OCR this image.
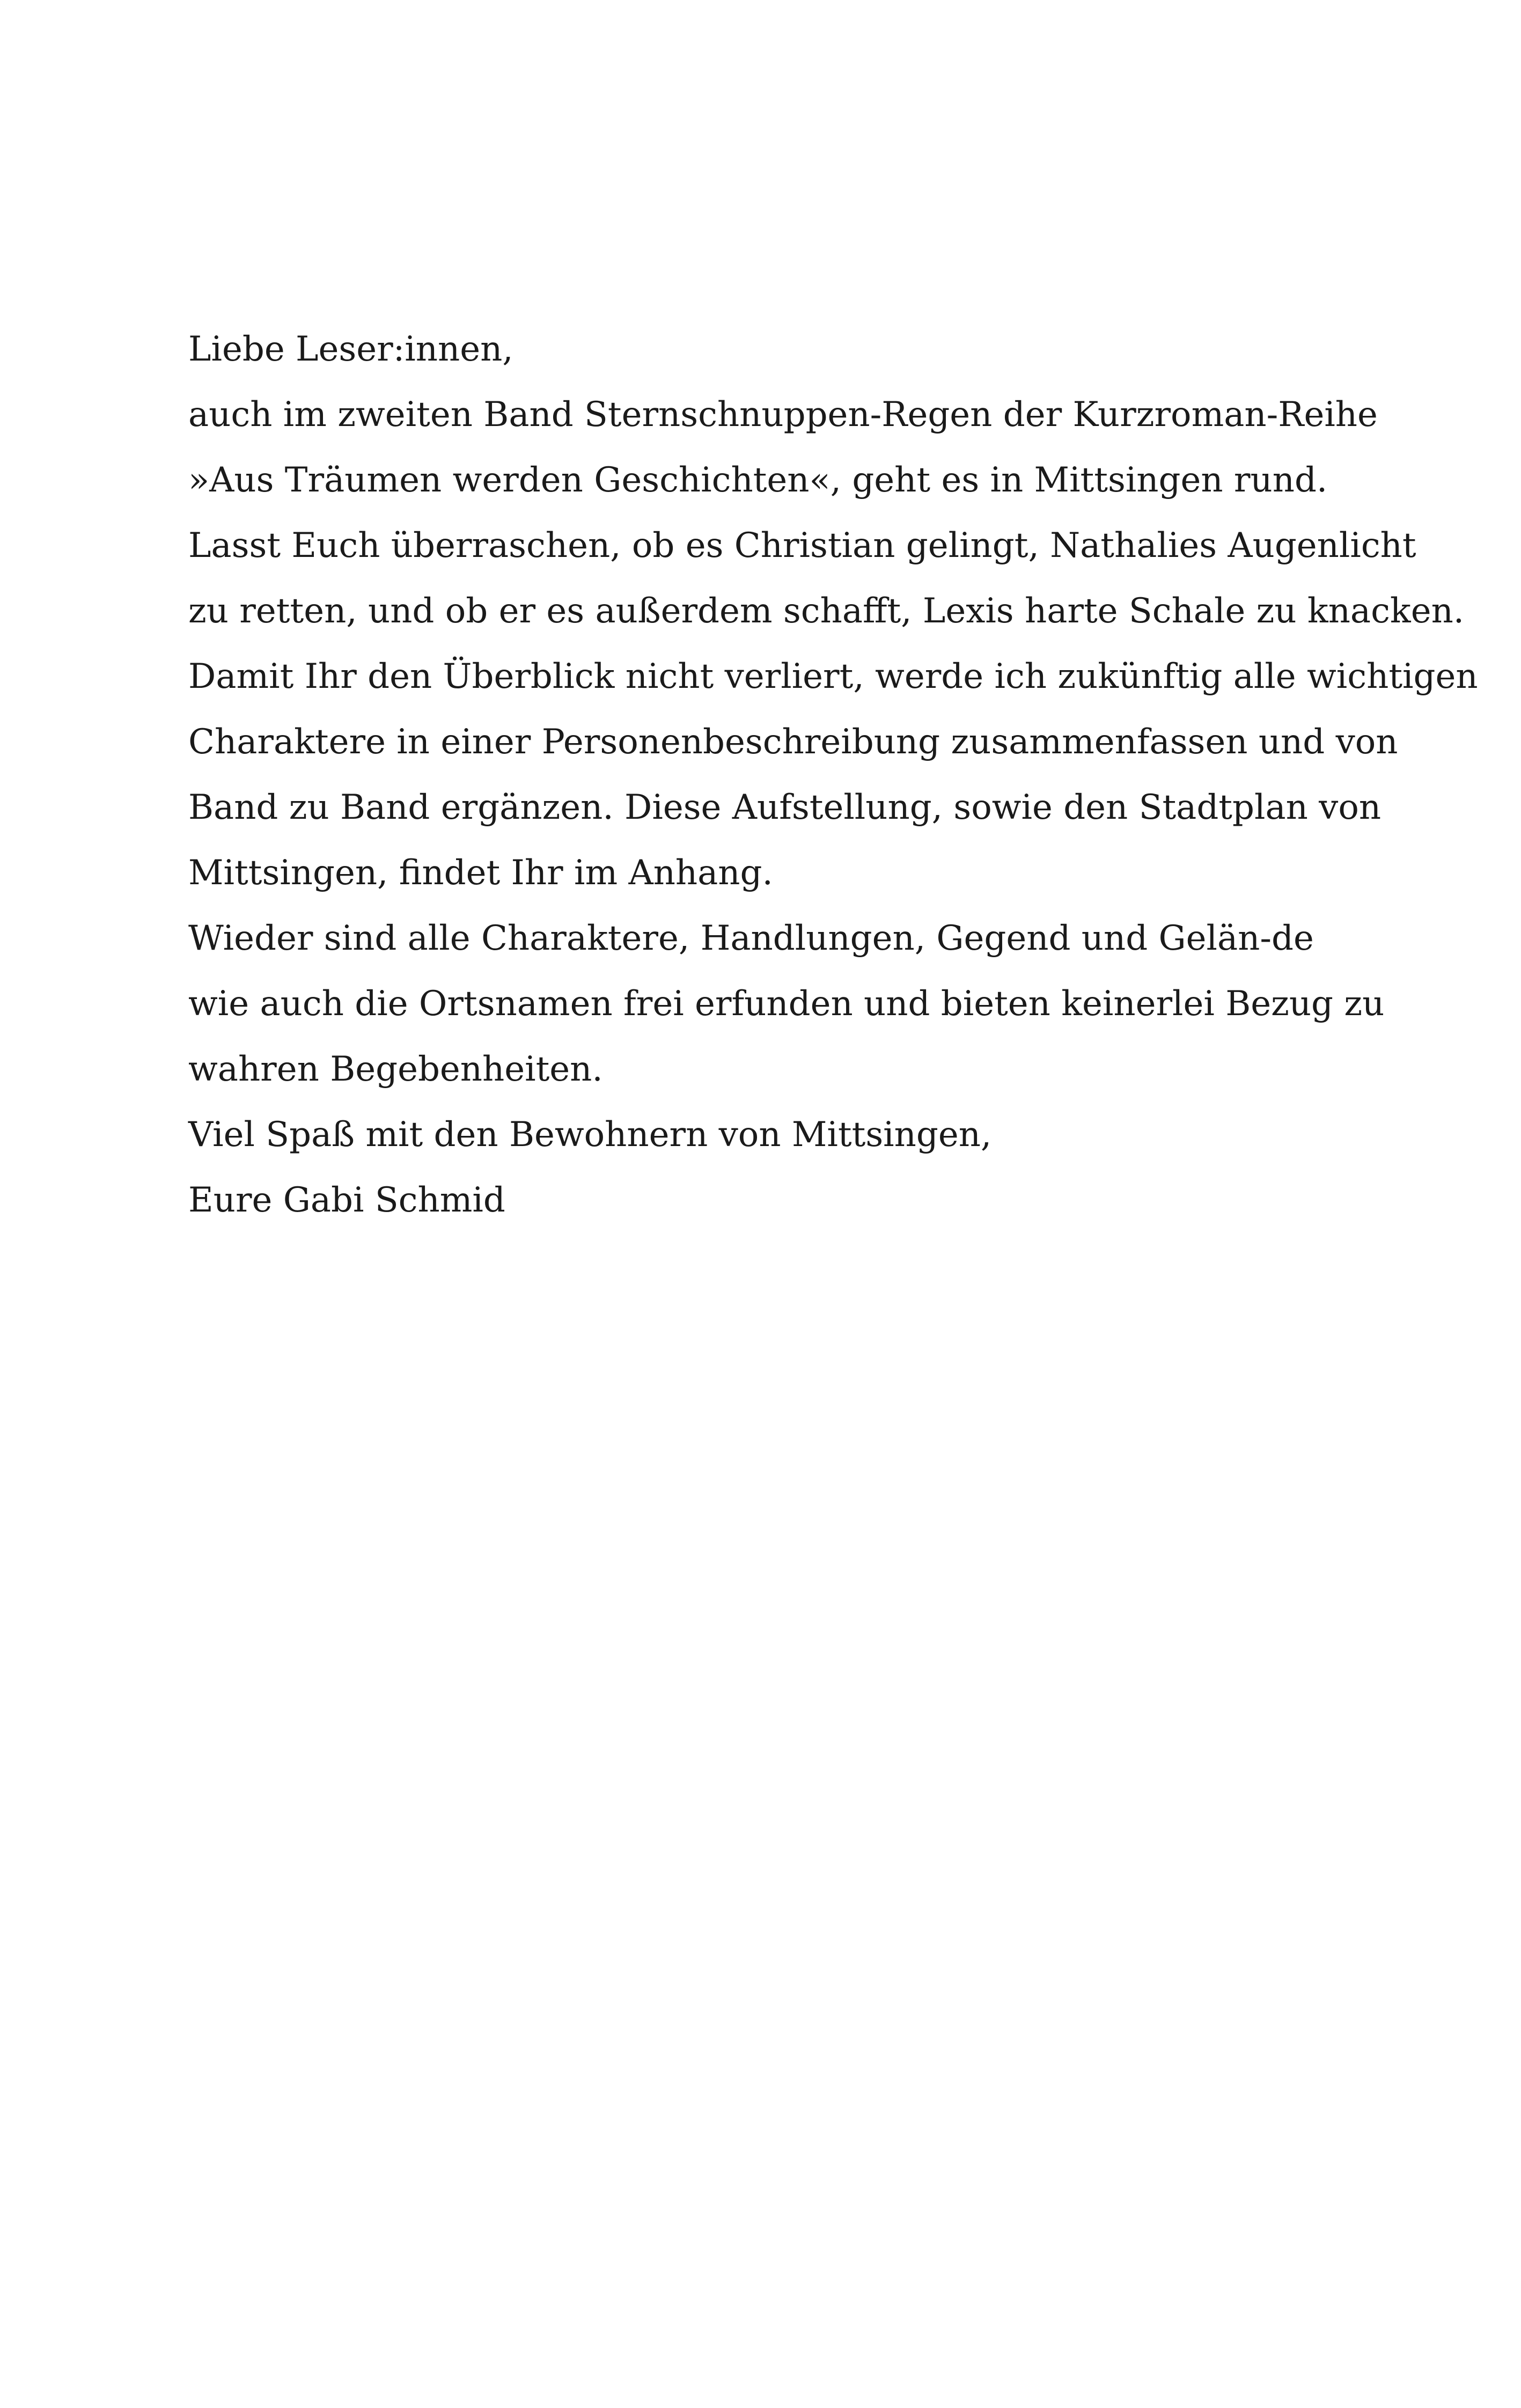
Liebe Leser:innen,

auch im zweiten Band Sternschnuppen-Regen der Kurzroman-Reihe
»Aus Träumen werden Geschichten«, geht es in Mittsingen rund.

Lasst Euch überraschen, ob es Christian gelingt, Nathalies Augenlicht
zu retten, und ob er es außerdem schafft, Lexis harte Schale zu knacken.

Damit Ihr den Überblick nicht verliert, werde ich zukünftig alle wichtigen
Charaktere in einer Personenbeschreibung zusammenfassen und von
Band zu Band ergänzen. Diese Aufstellung, sowie den Stadtplan von
Mittsingen, findet Ihr im Anhang.

Wieder sind alle Charaktere, Handlungen, Gegend und Gelän-de
wie auch die Ortsnamen frei erfunden und bieten keinerlei Bezug zu
wahren Begebenheiten.

Viel Spaß mit den Bewohnern von Mittsingen,

Eure Gabi Schmid
